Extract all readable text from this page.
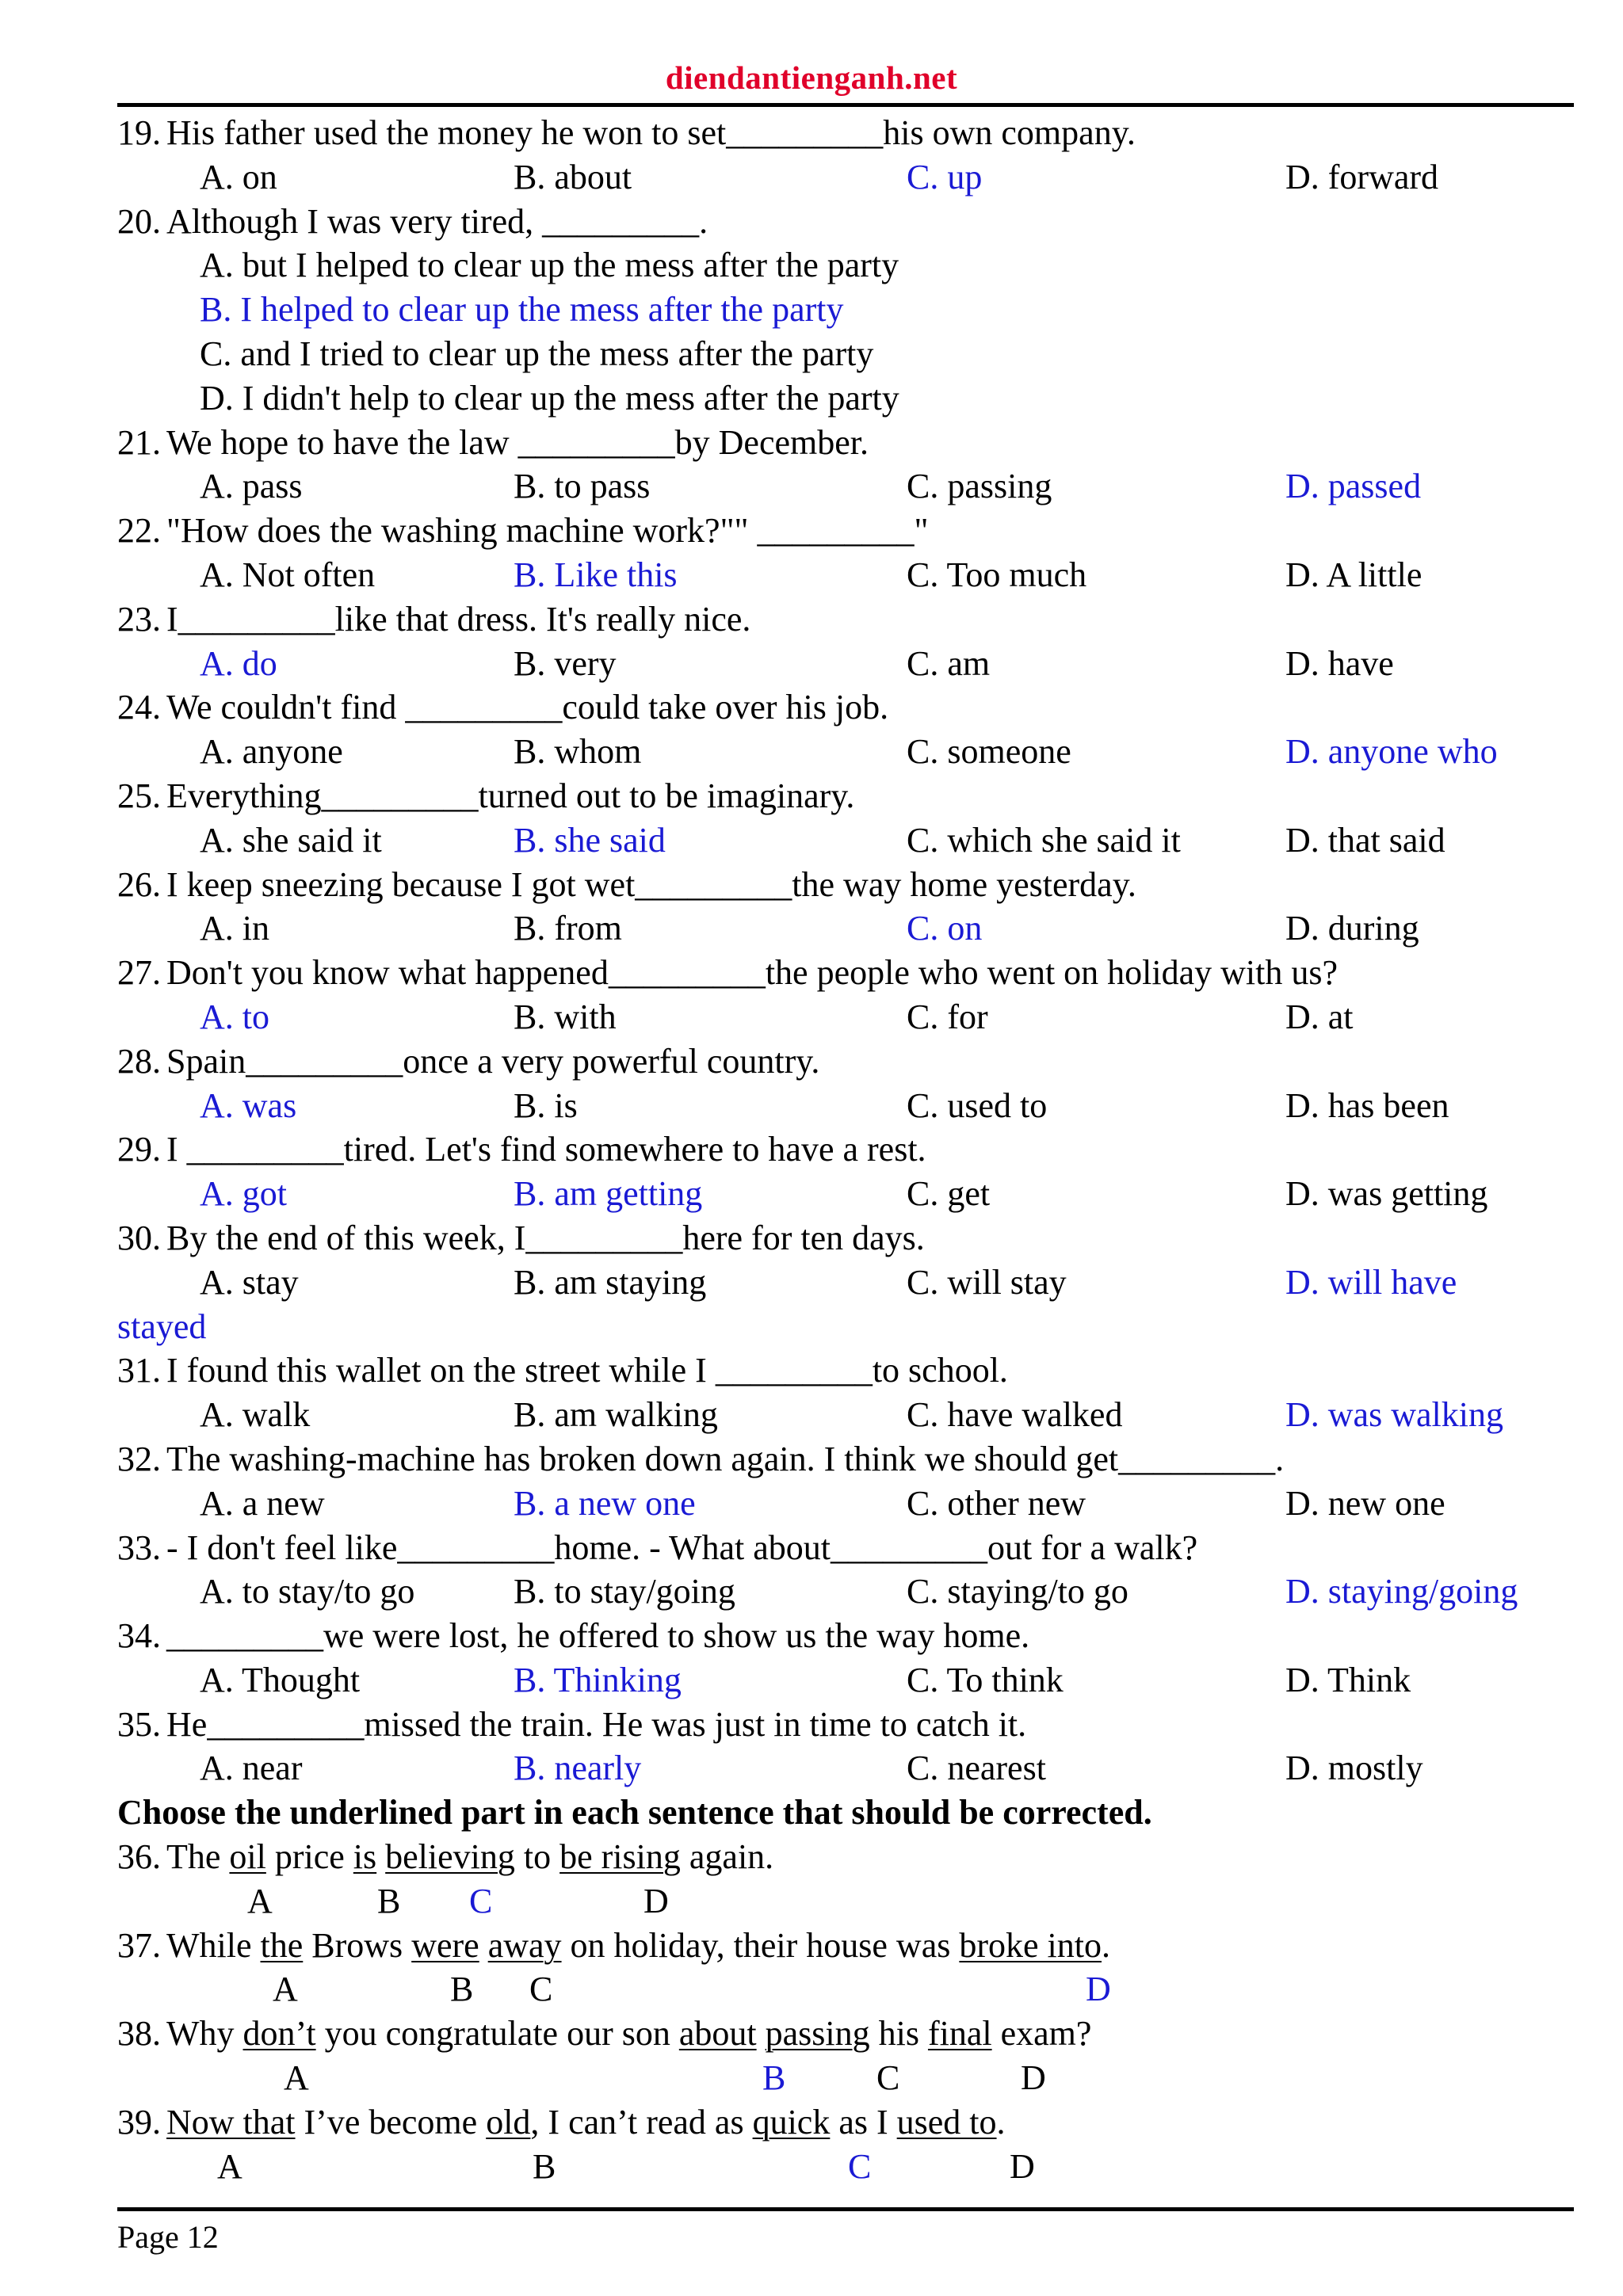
diendantienganh.net
19. His father used the money he won to set_________his own company.
A. on	B. about	C. up	D. forward
20. Although I was very tired, _________.
A. but I helped to clear up the mess after the party
B. I helped to clear up the mess after the party
C. and I tried to clear up the mess after the party
D. I didn't help to clear up the mess after the party
21. We hope to have the law _________by December.
A. pass	B. to pass	C. passing	D. passed
22. "How does the washing machine work?"" _________"
A. Not often	B. Like this	C. Too much	D. A little
23. I_________like that dress. It's really nice.
A. do	B. very	C. am	D. have
24. We couldn't find _________could take over his job.
A. anyone	B. whom	C. someone	D. anyone who
25. Everything_________turned out to be imaginary.
A. she said it	B. she said	C. which she said it	D. that said
26. I keep sneezing because I got wet_________the way home yesterday.
A. in	B. from	C. on	D. during
27. Don't you know what happened_________the people who went on holiday with us?
A. to	B. with	C. for	D. at
28. Spain_________once a very powerful country.
A. was	B. is	C. used to	D. has been
29. I _________tired. Let's find somewhere to have a rest.
A. got	B. am getting	C. get	D. was getting
30. By the end of this week, I_________here for ten days.
A. stay	B. am staying	C. will stay	D. will have
stayed
31. I found this wallet on the street while I _________to school.
A. walk	B. am walking	C. have walked	D. was walking
32. The washing-machine has broken down again. I think we should get_________.
A. a new	B. a new one	C. other new	D. new one
33. - I don't feel like_________home. - What about_________out for a walk?
A. to stay/to go	B. to stay/going	C. staying/to go	D. staying/going
34. _________we were lost, he offered to show us the way home.
A. Thought	B. Thinking	C. To think	D. Think
35. He_________missed the train. He was just in time to catch it.
A. near	B. nearly	C. nearest	D. mostly
Choose the underlined part in each sentence that should be corrected.
36. The oil price is believing to be rising again.
A	B C	D
37. While the Brows were away on holiday, their house was broke into.
A	B C	D
38. Why don’t you congratulate our son about passing his final exam?
A	B	C	D
39. Now that I’ve become old, I can’t read as quick as I used to.
A	B	C	D
Page 12
